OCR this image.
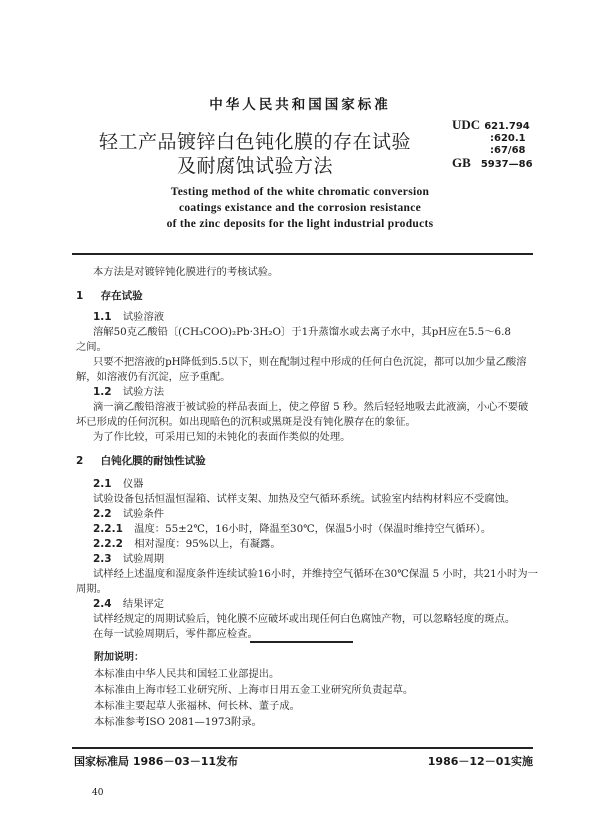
中华人民共和国国家标准
轻工产品镀锌白色钝化膜的存在试验
及耐腐蚀试验方法
UDC 621.794
:620.1
:67/68
GB 5937—86
Testing method of the white chromatic conversion
coatings existance and the corrosion resistance
of the zinc deposits for the light industrial products
本方法是对镀锌钝化膜进行的考核试验。
1 存在试验
1.1 试验溶液
溶解50克乙酸铅〔(CH₃COO)₂Pb·3H₂O〕于1升蒸馏水或去离子水中，其pH应在5.5～6.8
之间。
只要不把溶液的pH降低到5.5以下，则在配制过程中形成的任何白色沉淀，都可以加少量乙酸溶
解，如溶液仍有沉淀，应予重配。
1.2 试验方法
滴一滴乙酸铅溶液于被试验的样品表面上，使之停留 5 秒。然后轻轻地吸去此液滴，小心不要破
坏已形成的任何沉积。如出现暗色的沉积或黑斑是没有钝化膜存在的象征。
为了作比较，可采用已知的未钝化的表面作类似的处理。
2 白钝化膜的耐蚀性试验
2.1 仪器
试验设备包括恒温恒湿箱、试样支架、加热及空气循环系统。试验室内结构材料应不受腐蚀。
2.2 试验条件
2.2.1 温度：55±2℃，16小时，降温至30℃，保温5小时（保温时维持空气循环）。
2.2.2 相对湿度：95%以上，有凝露。
2.3 试验周期
试样经上述温度和湿度条件连续试验16小时，并维持空气循环在30℃保温 5 小时，共21小时为一
周期。
2.4 结果评定
试样经规定的周期试验后，钝化膜不应破坏或出现任何白色腐蚀产物，可以忽略轻度的斑点。
在每一试验周期后，零件都应检查。
附加说明：
本标准由中华人民共和国轻工业部提出。
本标准由上海市轻工业研究所、上海市日用五金工业研究所负责起草。
本标准主要起草人张福林、何长林、董子成。
本标准参考ISO 2081—1973附录。
国家标准局 1986－03－11发布	1986－12－01实施
40
